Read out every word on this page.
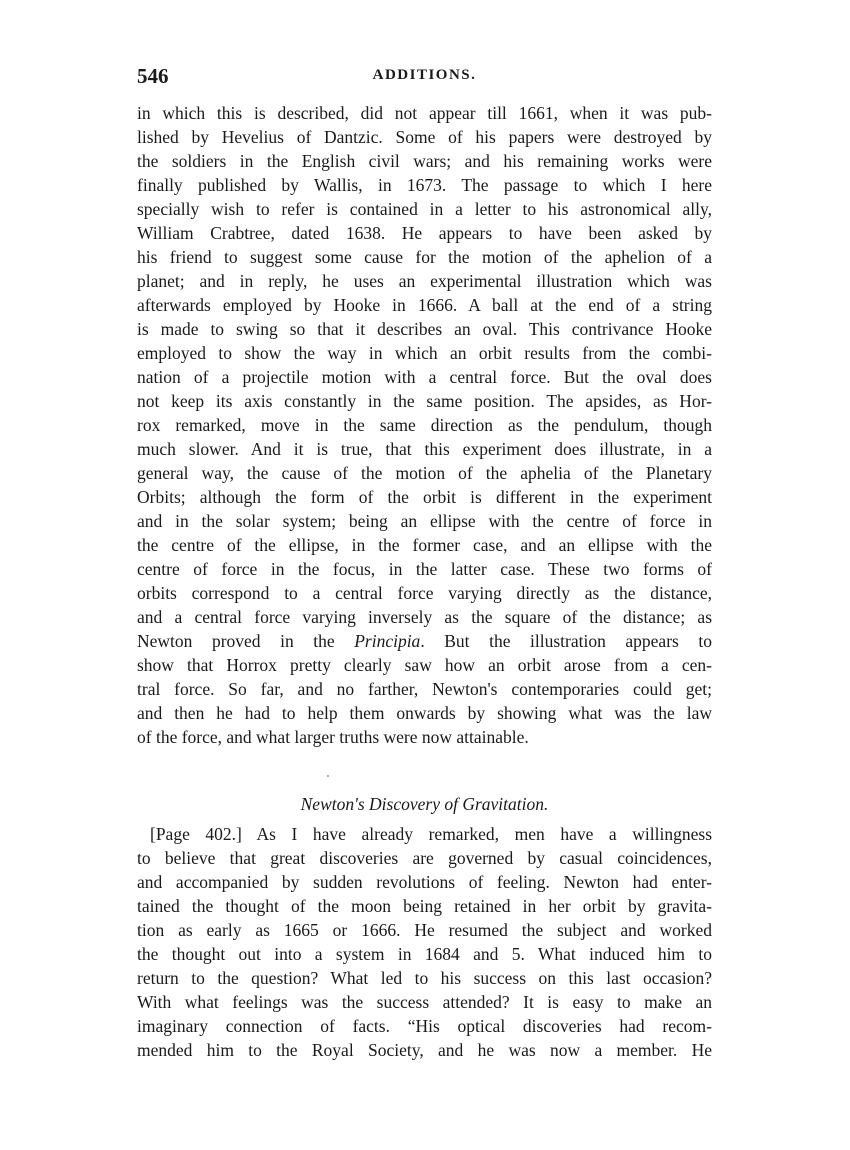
546	ADDITIONS.
in which this is described, did not appear till 1661, when it was pub-
lished by Hevelius of Dantzic. Some of his papers were destroyed by
the soldiers in the English civil wars; and his remaining works were
finally published by Wallis, in 1673. The passage to which I here
specially wish to refer is contained in a letter to his astronomical ally,
William Crabtree, dated 1638. He appears to have been asked by
his friend to suggest some cause for the motion of the aphelion of a
planet; and in reply, he uses an experimental illustration which was
afterwards employed by Hooke in 1666. A ball at the end of a string
is made to swing so that it describes an oval. This contrivance Hooke
employed to show the way in which an orbit results from the combi-
nation of a projectile motion with a central force. But the oval does
not keep its axis constantly in the same position. The apsides, as Hor-
rox remarked, move in the same direction as the pendulum, though
much slower. And it is true, that this experiment does illustrate, in a
general way, the cause of the motion of the aphelia of the Planetary
Orbits; although the form of the orbit is different in the experiment
and in the solar system; being an ellipse with the centre of force in
the centre of the ellipse, in the former case, and an ellipse with the
centre of force in the focus, in the latter case. These two forms of
orbits correspond to a central force varying directly as the distance,
and a central force varying inversely as the square of the distance; as
Newton proved in the Principia. But the illustration appears to
show that Horrox pretty clearly saw how an orbit arose from a cen-
tral force. So far, and no farther, Newton's contemporaries could get;
and then he had to help them onwards by showing what was the law
of the force, and what larger truths were now attainable.
Newton's Discovery of Gravitation.
[Page 402.] As I have already remarked, men have a willingness
to believe that great discoveries are governed by casual coincidences,
and accompanied by sudden revolutions of feeling. Newton had enter-
tained the thought of the moon being retained in her orbit by gravita-
tion as early as 1665 or 1666. He resumed the subject and worked
the thought out into a system in 1684 and 5. What induced him to
return to the question? What led to his success on this last occasion?
With what feelings was the success attended? It is easy to make an
imaginary connection of facts. “His optical discoveries had recom-
mended him to the Royal Society, and he was now a member. He
